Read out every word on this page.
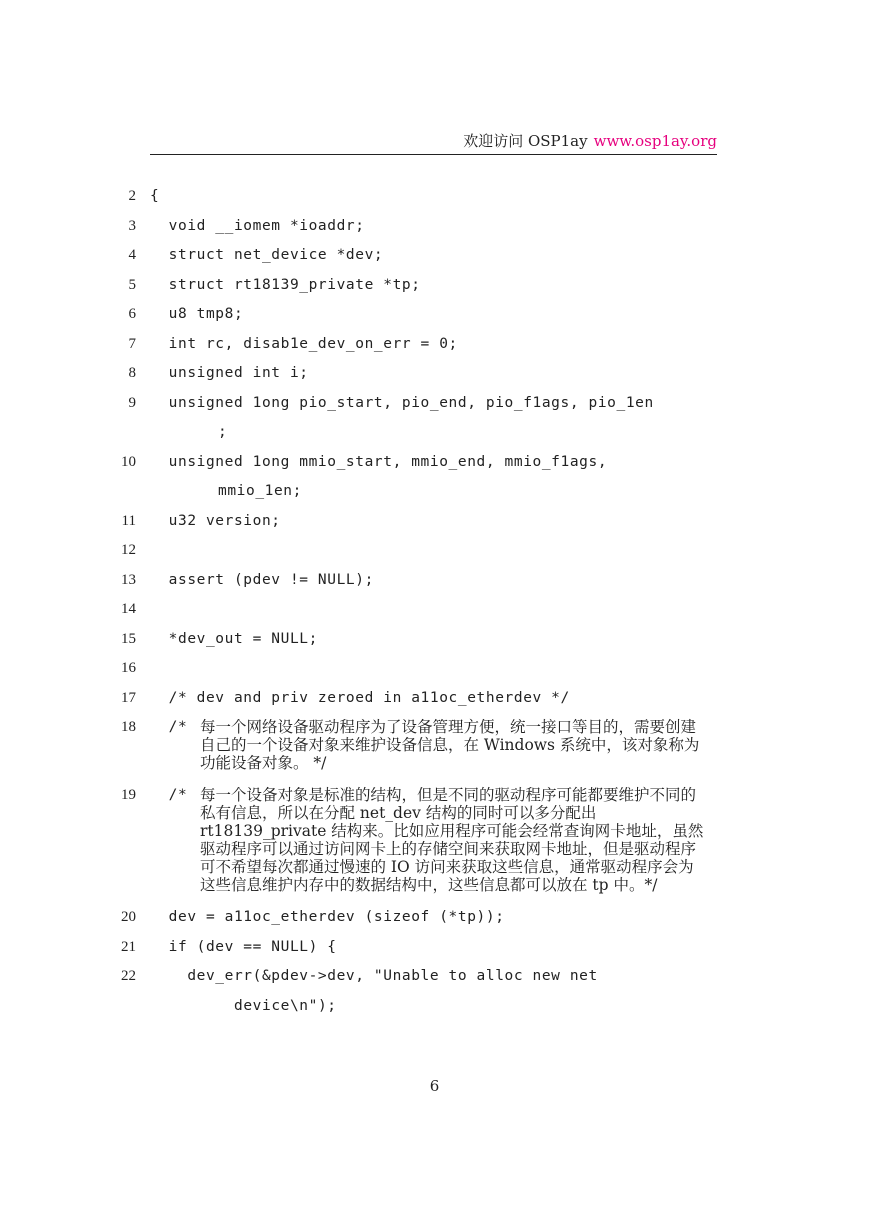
欢迎访问 OSP1ay www.osp1ay.org
2 {
3 void __iomem *ioaddr;
4 struct net_device *dev;
5 struct rt18139_private *tp;
6 u8 tmp8;
7 int rc, disab1e_dev_on_err = 0;
8 unsigned int i;
9 unsigned 1ong pio_start, pio_end, pio_f1ags, pio_1en
;
10 unsigned 1ong mmio_start, mmio_end, mmio_f1ags,
mmio_1en;
11 u32 version;
12
13 assert (pdev != NULL);
14
15 *dev_out = NULL;
16
17 /* dev and priv zeroed in a11oc_etherdev */
18 /* 每一个网络设备驱动程序为了设备管理方便，统一接口等目的，需要创建自己的一个设备对象来维护设备信息，在 Windows 系统中，该对象称为功能设备对象。 */
19 /* 每一个设备对象是标准的结构，但是不同的驱动程序可能都要维护不同的私有信息，所以在分配 net_dev 结构的同时可以多分配出 rt18139_private 结构来。比如应用程序可能会经常查询网卡地址，虽然驱动程序可以通过访问网卡上的存储空间来获取网卡地址，但是驱动程序可不希望每次都通过慢速的 IO 访问来获取这些信息，通常驱动程序会为这些信息维护内存中的数据结构中，这些信息都可以放在 tp 中。*/
20 dev = a11oc_etherdev (sizeof (*tp));
21 if (dev == NULL) {
22 dev_err(&pdev->dev, "Unable to alloc new net
device\n");
6
